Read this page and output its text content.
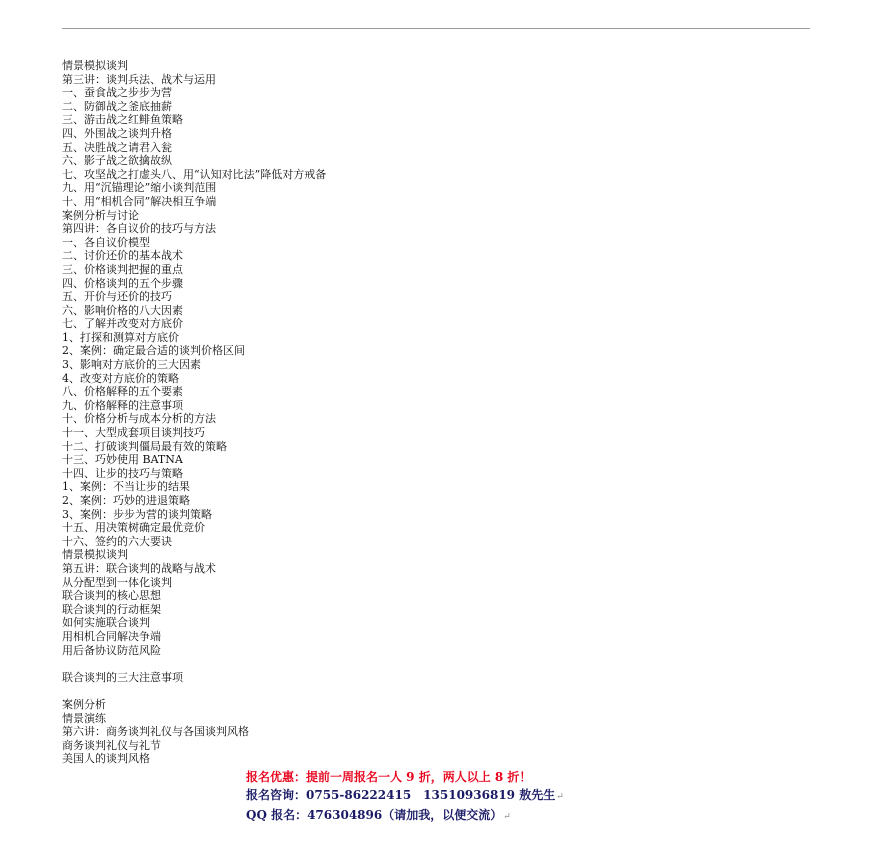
情景模拟谈判
第三讲：谈判兵法、战术与运用
一、蚕食战之步步为营
二、防御战之釜底抽薪
三、游击战之红鲱鱼策略
四、外围战之谈判升格
五、决胜战之请君入瓮
六、影子战之欲擒故纵
七、攻坚战之打虚头八、用“认知对比法”降低对方戒备
九、用“沉锚理论”缩小谈判范围
十、用“相机合同”解决相互争端
案例分析与讨论
第四讲：各自议价的技巧与方法
一、各自议价模型
二、讨价还价的基本战术
三、价格谈判把握的重点
四、价格谈判的五个步骤
五、开价与还价的技巧
六、影响价格的八大因素
七、了解并改变对方底价
1、打探和测算对方底价
2、案例：确定最合适的谈判价格区间
3、影响对方底价的三大因素
4、改变对方底价的策略
八、价格解释的五个要素
九、价格解释的注意事项
十、价格分析与成本分析的方法
十一、大型成套项目谈判技巧
十二、打破谈判僵局最有效的策略
十三、巧妙使用 BATNA
十四、让步的技巧与策略
1、案例：不当让步的结果
2、案例：巧妙的进退策略
3、案例：步步为营的谈判策略
十五、用决策树确定最优竞价
十六、签约的六大要诀
情景模拟谈判
第五讲：联合谈判的战略与战术
从分配型到一体化谈判
联合谈判的核心思想
联合谈判的行动框架
如何实施联合谈判
用相机合同解决争端
用后备协议防范风险
联合谈判的三大注意事项
案例分析
情景演练
第六讲：商务谈判礼仪与各国谈判风格
商务谈判礼仪与礼节
美国人的谈判风格
报名优惠：提前一周报名一人 9 折，两人以上 8 折！
报名咨询：0755-86222415　13510936819 敖先生↵
QQ 报名：476304896（请加我，以便交流）↵
